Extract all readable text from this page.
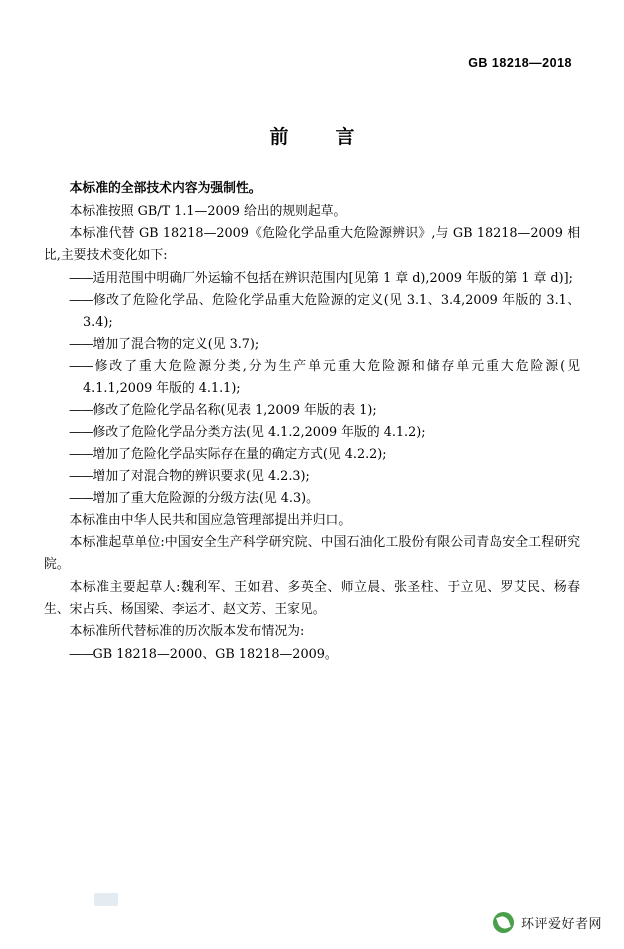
GB 18218—2018
前　言

本标准的全部技术内容为强制性。

本标准按照 GB/T 1.1—2009 给出的规则起草。

本标准代替 GB 18218—2009《危险化学品重大危险源辨识》,与 GB 18218—2009 相比,主要技术变化如下:

——适用范围中明确厂外运输不包括在辨识范围内[见第 1 章 d),2009 年版的第 1 章 d)];

——修改了危险化学品、危险化学品重大危险源的定义(见 3.1、3.4,2009 年版的 3.1、3.4);

——增加了混合物的定义(见 3.7);

——修改了重大危险源分类,分为生产单元重大危险源和储存单元重大危险源(见 4.1.1,2009 年版的 4.1.1);

——修改了危险化学品名称(见表 1,2009 年版的表 1);

——修改了危险化学品分类方法(见 4.1.2,2009 年版的 4.1.2);

——增加了危险化学品实际存在量的确定方式(见 4.2.2);

——增加了对混合物的辨识要求(见 4.2.3);

——增加了重大危险源的分级方法(见 4.3)。

本标准由中华人民共和国应急管理部提出并归口。

本标准起草单位:中国安全生产科学研究院、中国石油化工股份有限公司青岛安全工程研究院。

本标准主要起草人:魏利军、王如君、多英全、师立晨、张圣柱、于立见、罗艾民、杨春生、宋占兵、杨国梁、李运才、赵文芳、王家见。

本标准所代替标准的历次版本发布情况为:

——GB 18218—2000、GB 18218—2009。

环评爱好者网
